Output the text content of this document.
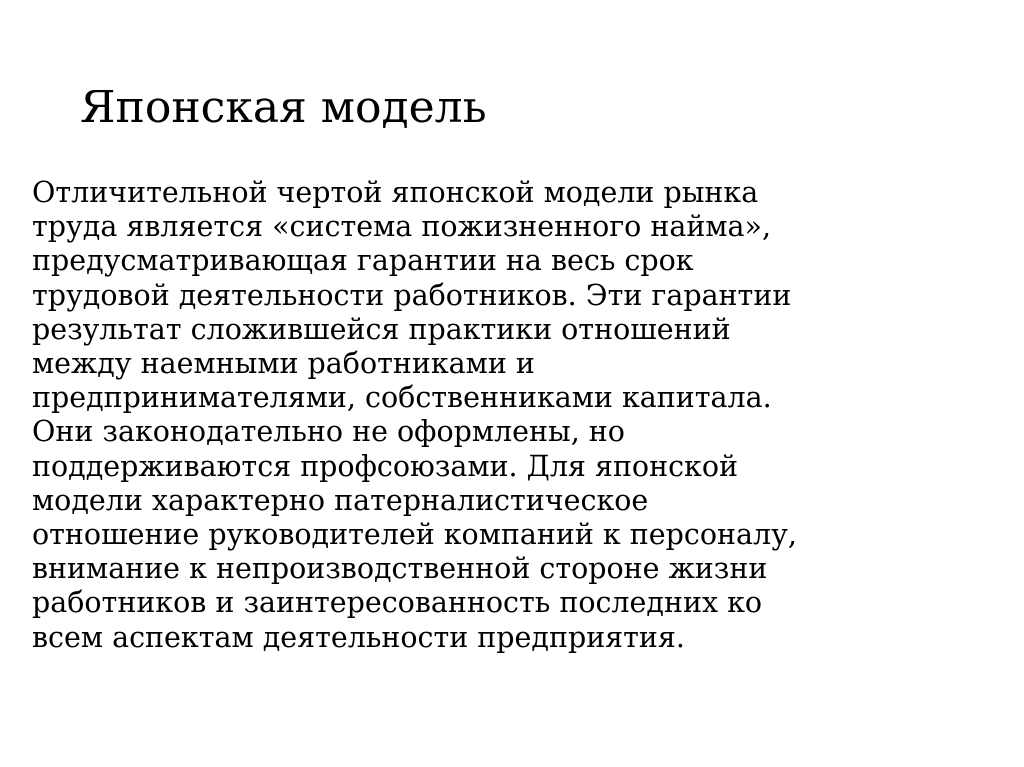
Японская модель
Отличительной чертой японской модели рынка
труда является «система пожизненного найма»,
предусматривающая гарантии на весь срок
трудовой деятельности работников. Эти гарантии
результат сложившейся практики отношений
между наемными работниками и
предпринимателями, собственниками капитала.
Они законодательно не оформлены, но
поддерживаются профсоюзами. Для японской
модели характерно патерналистическое
отношение руководителей компаний к персоналу,
внимание к непроизводственной стороне жизни
работников и заинтересованность последних ко
всем аспектам деятельности предприятия.
